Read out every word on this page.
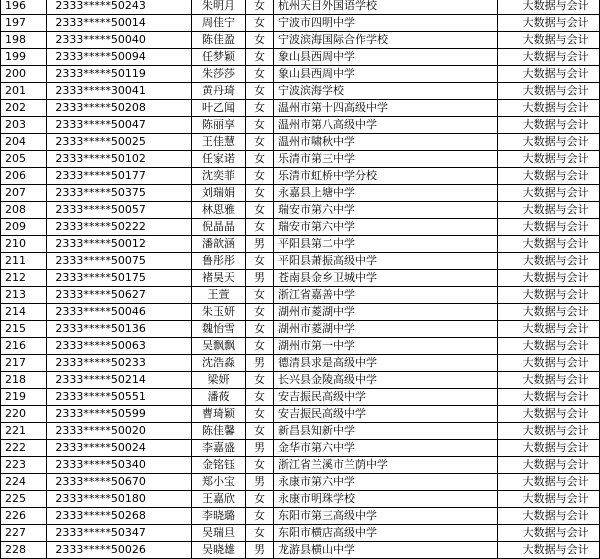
196	2333*****50243	朱明月	女	杭州天目外国语学校	大数据与会计
197	2333*****50014	周佳宁	女	宁波市四明中学	大数据与会计
198	2333*****50040	陈佳盈	女	宁波滨海国际合作学校	大数据与会计
199	2333*****50094	任梦颖	女	象山县西周中学	大数据与会计
200	2333*****50119	朱莎莎	女	象山县西周中学	大数据与会计
201	2333*****30041	黄丹琦	女	宁波滨海学校	大数据与会计
202	2333*****50208	叶乙闻	女	温州市第十四高级中学	大数据与会计
203	2333*****50047	陈丽享	女	温州市第八高级中学	大数据与会计
204	2333*****50025	王佳慧	女	温州市啸秋中学	大数据与会计
205	2333*****50102	任家诺	女	乐清市第三中学	大数据与会计
206	2333*****50177	沈奕菲	女	乐清市虹桥中学分校	大数据与会计
207	2333*****50375	刘瑞娟	女	永嘉县上塘中学	大数据与会计
208	2333*****50057	林思雅	女	瑞安市第六中学	大数据与会计
209	2333*****50222	倪晶晶	女	瑞安市第六中学	大数据与会计
210	2333*****50012	潘歆涵	男	平阳县第二中学	大数据与会计
211	2333*****50075	鲁彤彤	女	平阳县萧振高级中学	大数据与会计
212	2333*****50175	褚昊天	男	苍南县金乡卫城中学	大数据与会计
213	2333*****50627	王萱	女	浙江省嘉善中学	大数据与会计
214	2333*****50046	朱玉妍	女	湖州市菱湖中学	大数据与会计
215	2333*****50136	魏怡雪	女	湖州市菱湖中学	大数据与会计
216	2333*****50063	吴飘飘	女	湖州市第一中学	大数据与会计
217	2333*****50233	沈浩淼	男	德清县求是高级中学	大数据与会计
218	2333*****50214	梁妍	女	长兴县金陵高级中学	大数据与会计
219	2333*****50551	潘莜	女	安吉振民高级中学	大数据与会计
220	2333*****50599	曹琦颖	女	安吉振民高级中学	大数据与会计
221	2333*****50020	陈佳馨	女	新昌县知新中学	大数据与会计
222	2333*****50024	李嘉盛	男	金华市第六中学	大数据与会计
223	2333*****50340	金铭钰	女	浙江省兰溪市兰荫中学	大数据与会计
224	2333*****50670	郑小宝	男	永康市第六中学	大数据与会计
225	2333*****50180	王嘉欣	女	永康市明珠学校	大数据与会计
226	2333*****50268	李晓璐	女	东阳市第三高级中学	大数据与会计
227	2333*****50347	吴瑞旦	女	东阳市横店高级中学	大数据与会计
228	2333*****50026	吴晓雄	男	龙游县横山中学	大数据与会计
